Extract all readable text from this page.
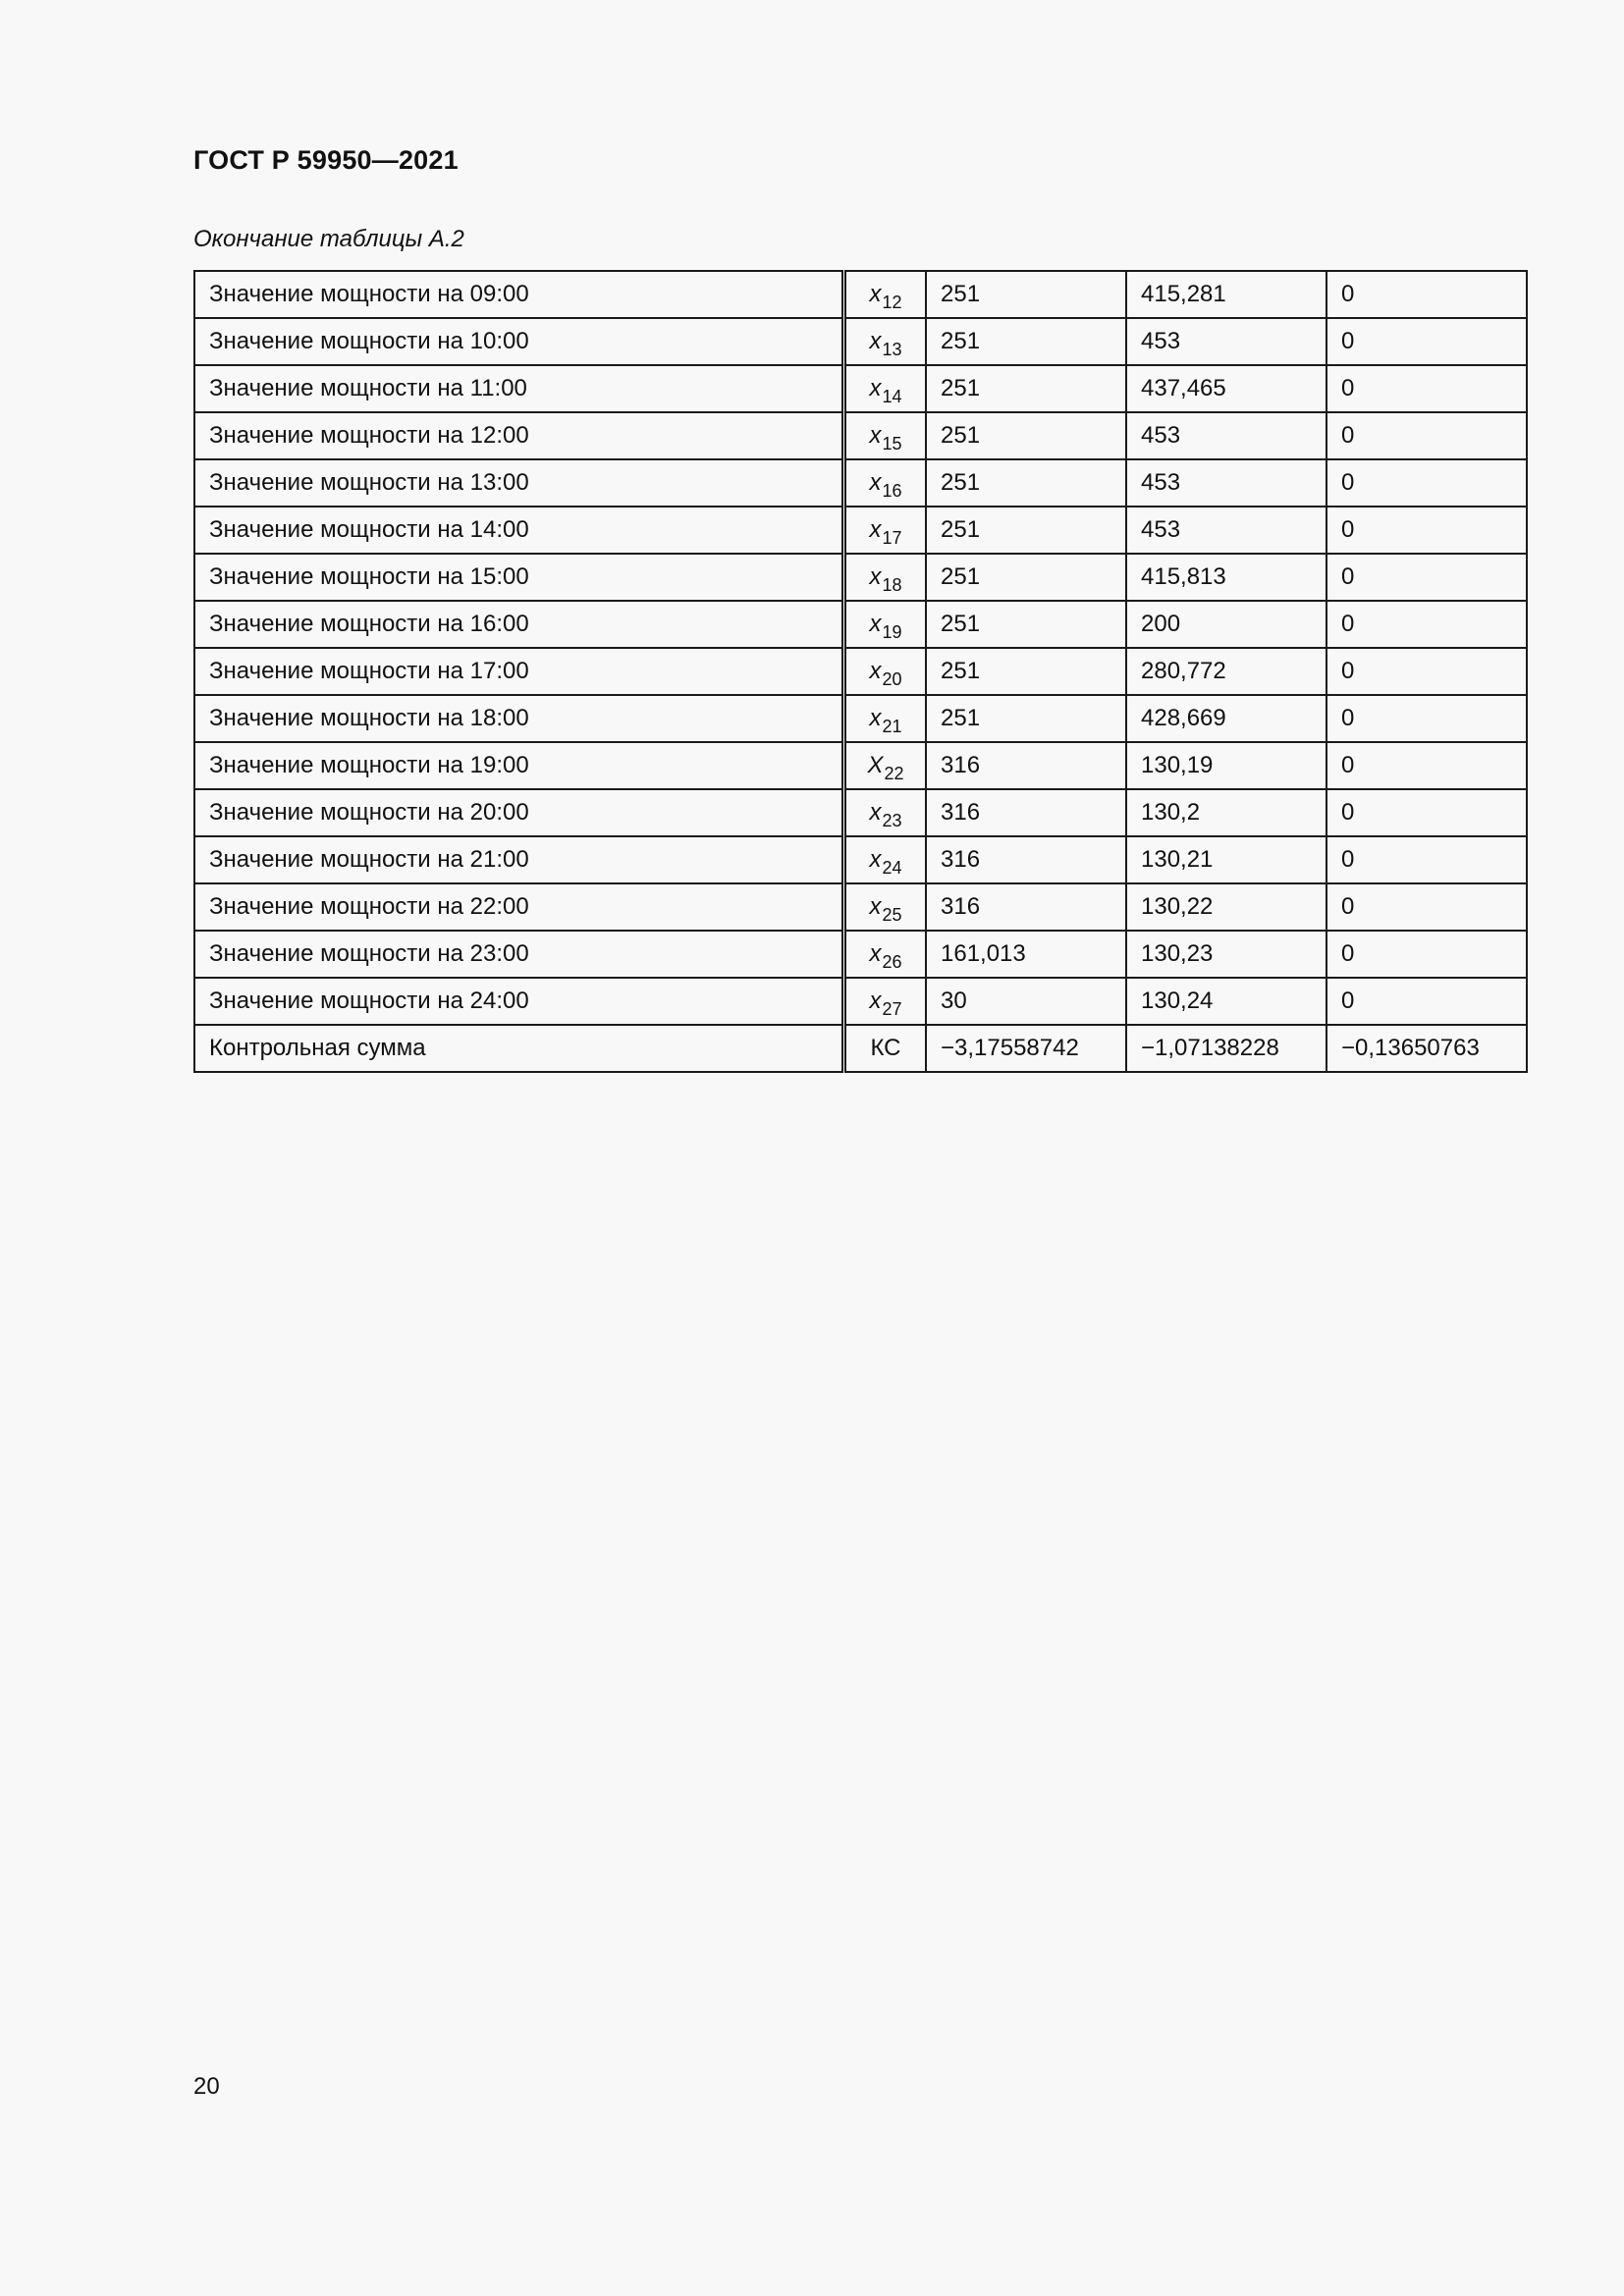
ГОСТ Р 59950—2021
Окончание таблицы А.2
Значение мощности на 09:00	$x_{12}$	251	415,281	0
Значение мощности на 10:00	$x_{13}$	251	453	0
Значение мощности на 11:00	$x_{14}$	251	437,465	0
Значение мощности на 12:00	$x_{15}$	251	453	0
Значение мощности на 13:00	$x_{16}$	251	453	0
Значение мощности на 14:00	$x_{17}$	251	453	0
Значение мощности на 15:00	$x_{18}$	251	415,813	0
Значение мощности на 16:00	$x_{19}$	251	200	0
Значение мощности на 17:00	$x_{20}$	251	280,772	0
Значение мощности на 18:00	$x_{21}$	251	428,669	0
Значение мощности на 19:00	$X_{22}$	316	130,19	0
Значение мощности на 20:00	$x_{23}$	316	130,2	0
Значение мощности на 21:00	$x_{24}$	316	130,21	0
Значение мощности на 22:00	$x_{25}$	316	130,22	0
Значение мощности на 23:00	$x_{26}$	161,013	130,23	0
Значение мощности на 24:00	$x_{27}$	30	130,24	0
Контрольная сумма	КС	−3,17558742	−1,07138228	−0,13650763
20
